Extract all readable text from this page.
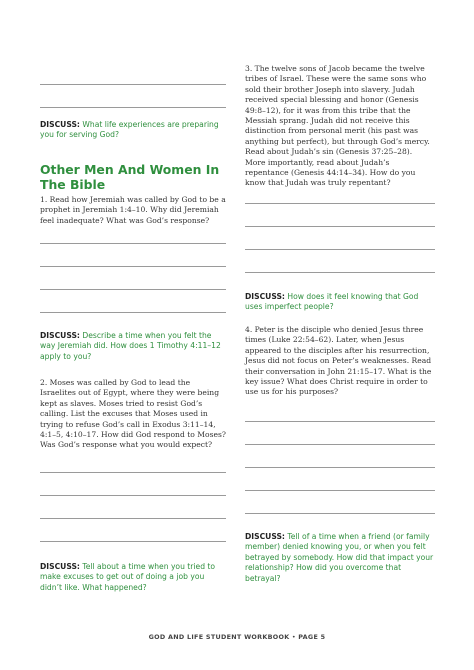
DISCUSS: What life experiences are preparing you for serving God?

Other Men And Women In The Bible

1. Read how Jeremiah was called by God to be a prophet in Jeremiah 1:4–10. Why did Jeremiah feel inadequate? What was God’s response?

DISCUSS: Describe a time when you felt the way Jeremiah did. How does 1 Timothy 4:11–12 apply to you?

2. Moses was called by God to lead the Israelites out of Egypt, where they were being kept as slaves. Moses tried to resist God’s calling. List the excuses that Moses used in trying to refuse God’s call in Exodus 3:11–14, 4:1–5, 4:10–17. How did God respond to Moses? Was God’s response what you would expect?

DISCUSS: Tell about a time when you tried to make excuses to get out of doing a job you didn’t like. What happened?

3. The twelve sons of Jacob became the twelve tribes of Israel. These were the same sons who sold their brother Joseph into slavery. Judah received special blessing and honor (Genesis 49:8–12), for it was from this tribe that the Messiah sprang. Judah did not receive this distinction from personal merit (his past was anything but perfect), but through God’s mercy. Read about Judah’s sin (Genesis 37:25–28). More importantly, read about Judah’s repentance (Genesis 44:14–34). How do you know that Judah was truly repentant?

DISCUSS: How does it feel knowing that God uses imperfect people?

4. Peter is the disciple who denied Jesus three times (Luke 22:54–62). Later, when Jesus appeared to the disciples after his resurrection, Jesus did not focus on Peter’s weaknesses. Read their conversation in John 21:15–17. What is the key issue? What does Christ require in order to use us for his purposes?

DISCUSS: Tell of a time when a friend (or family member) denied knowing you, or when you felt betrayed by somebody. How did that impact your relationship? How did you overcome that betrayal?

GOD AND LIFE STUDENT WORKBOOK • PAGE 5
